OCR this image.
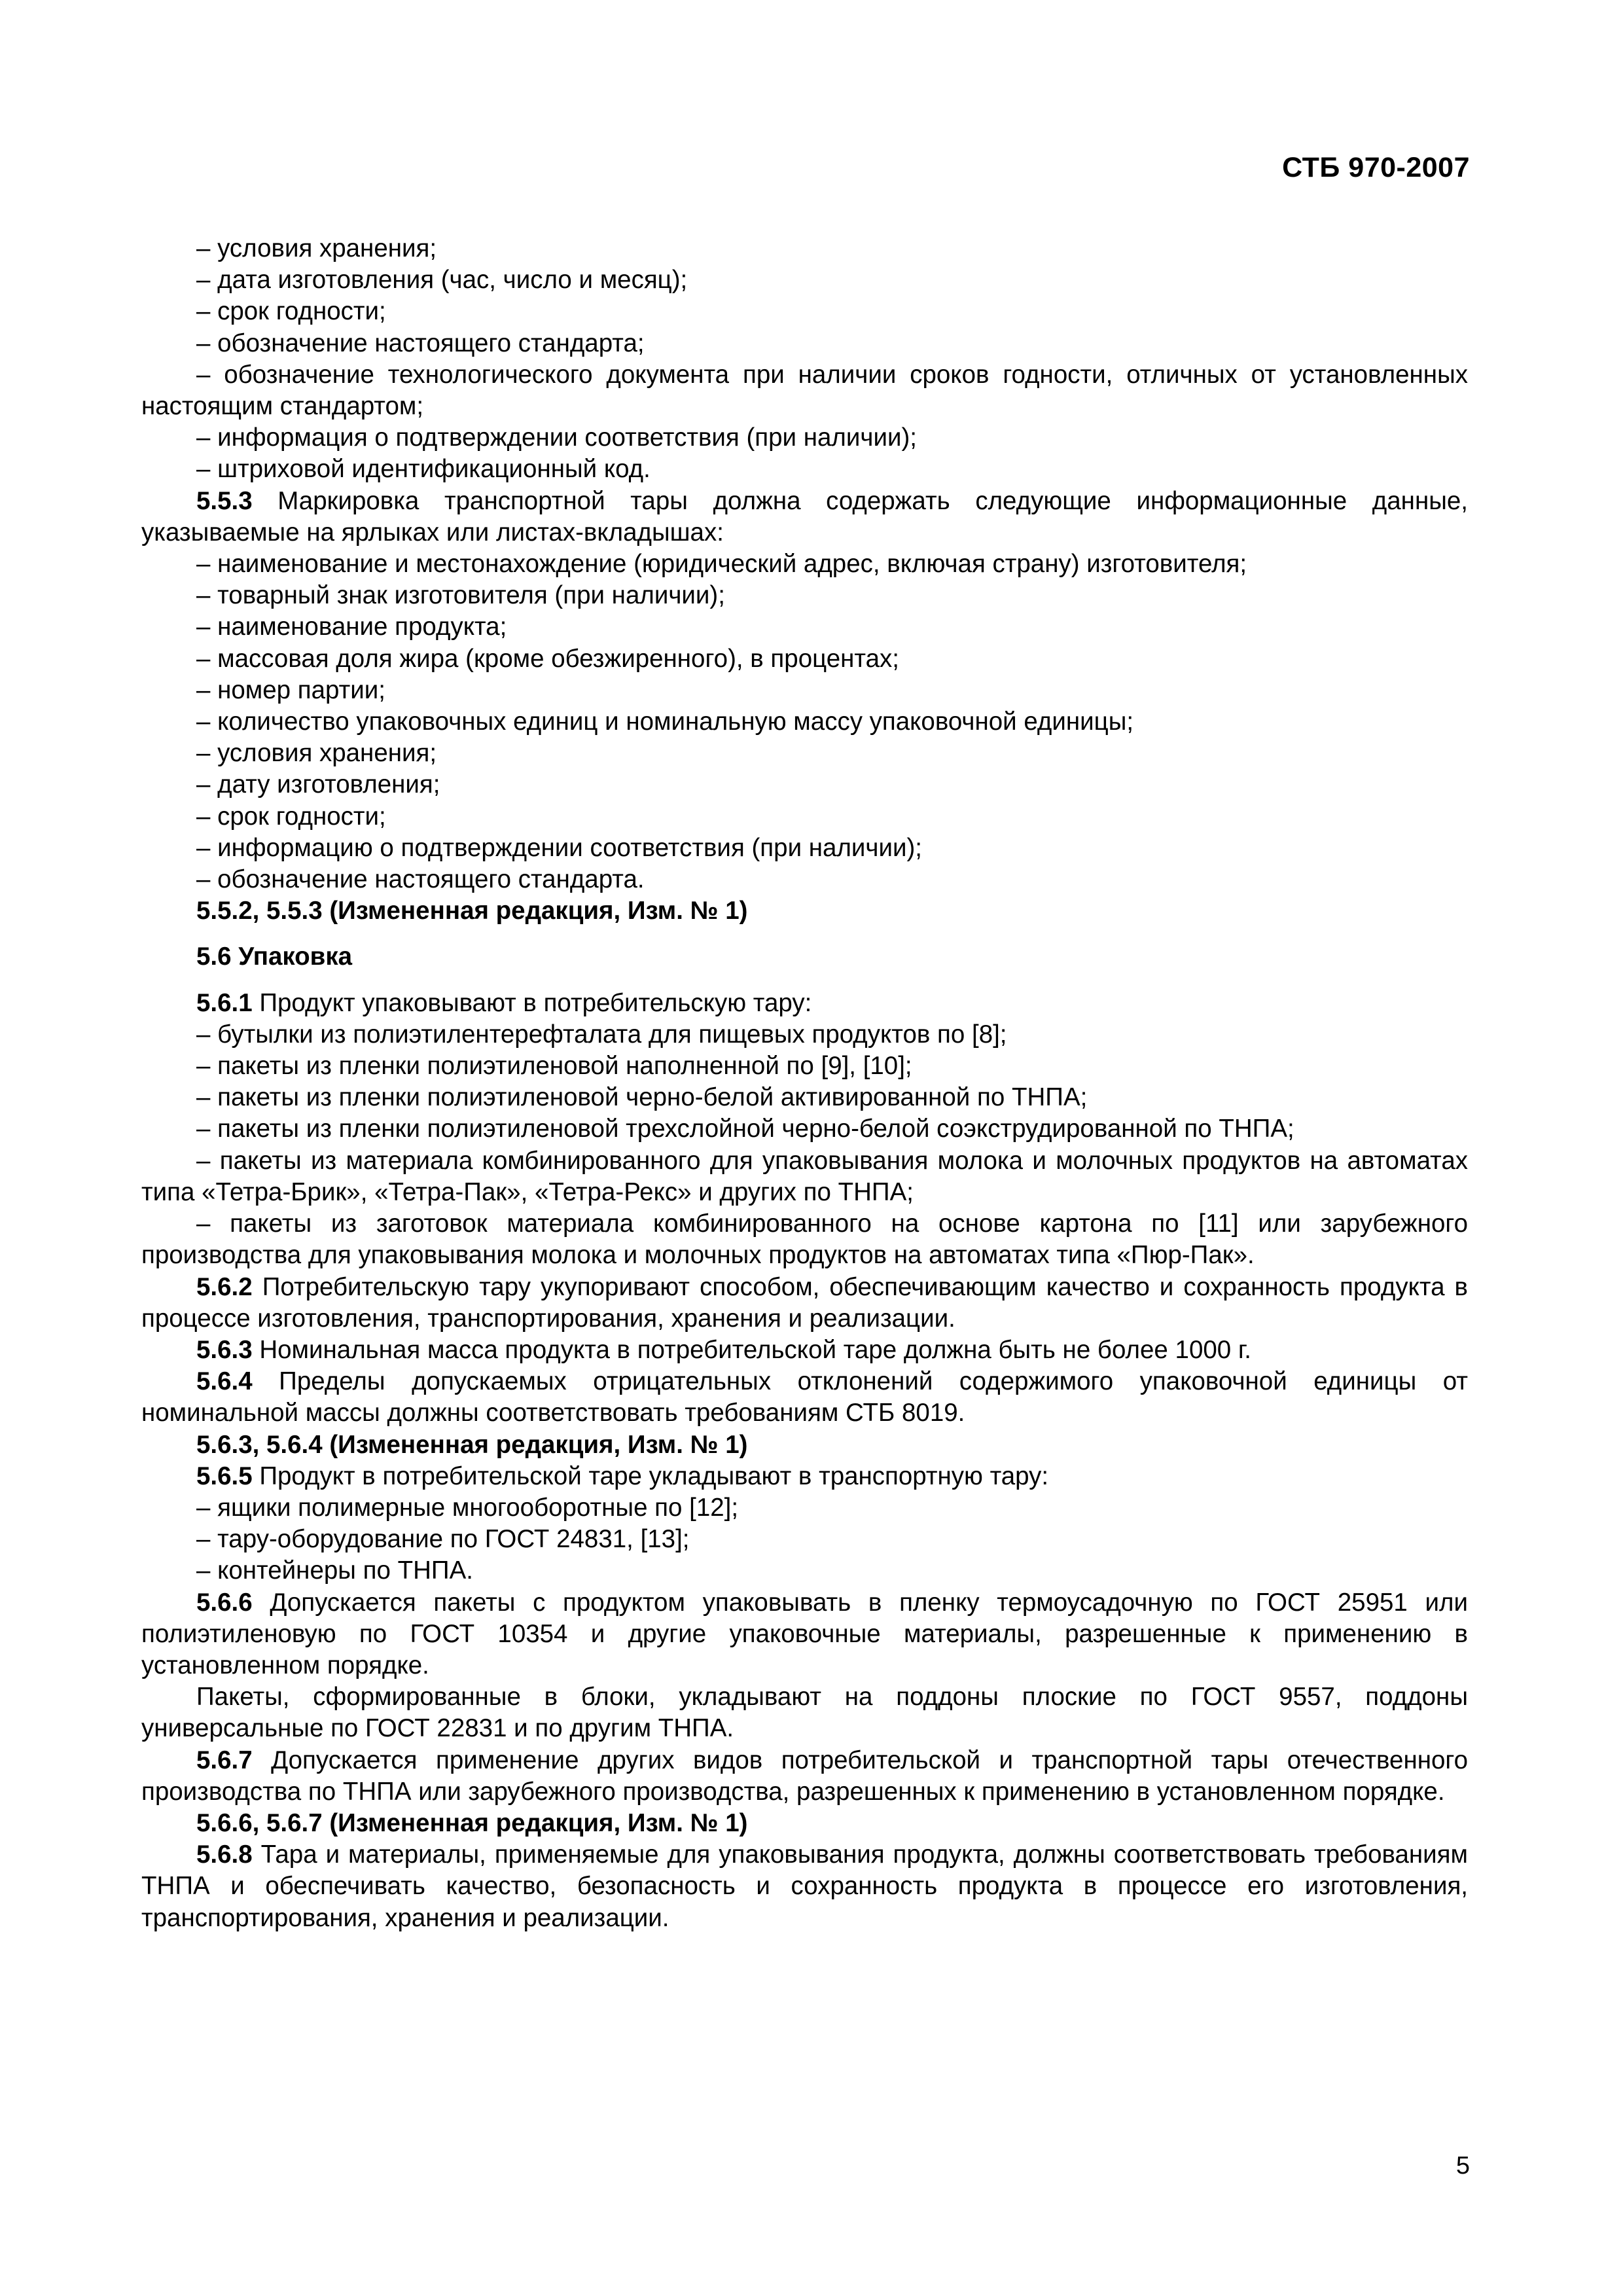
СТБ 970-2007

– условия хранения;

– дата изготовления (час, число и месяц);

– срок годности;

– обозначение настоящего стандарта;

– обозначение технологического документа при наличии сроков годности, отличных от установленных настоящим стандартом;

– информация о подтверждении соответствия (при наличии);

– штриховой идентификационный код.

5.5.3 Маркировка транспортной тары должна содержать следующие информационные данные, указываемые на ярлыках или листах-вкладышах:

– наименование и местонахождение (юридический адрес, включая страну) изготовителя;

– товарный знак изготовителя (при наличии);

– наименование продукта;

– массовая доля жира (кроме обезжиренного), в процентах;

– номер партии;

– количество упаковочных единиц и номинальную массу упаковочной единицы;

– условия хранения;

– дату изготовления;

– срок годности;

– информацию о подтверждении соответствия (при наличии);

– обозначение настоящего стандарта.

5.5.2, 5.5.3 (Измененная редакция, Изм. № 1)

5.6 Упаковка

5.6.1 Продукт упаковывают в потребительскую тару:

– бутылки из полиэтилентерефталата для пищевых продуктов по [8];

– пакеты из пленки полиэтиленовой наполненной по [9], [10];

– пакеты из пленки полиэтиленовой черно-белой активированной по ТНПА;

– пакеты из пленки полиэтиленовой трехслойной черно-белой соэкструдированной по ТНПА;

– пакеты из материала комбинированного для упаковывания молока и молочных продуктов на автоматах типа «Тетра-Брик», «Тетра-Пак», «Тетра-Рекс» и других по ТНПА;

– пакеты из заготовок материала комбинированного на основе картона по [11] или зарубежного производства для упаковывания молока и молочных продуктов на автоматах типа «Пюр-Пак».

5.6.2 Потребительскую тару укупоривают способом, обеспечивающим качество и сохранность продукта в процессе изготовления, транспортирования, хранения и реализации.

5.6.3 Номинальная масса продукта в потребительской таре должна быть не более 1000 г.

5.6.4 Пределы допускаемых отрицательных отклонений содержимого упаковочной единицы от номинальной массы должны соответствовать требованиям СТБ 8019.

5.6.3, 5.6.4 (Измененная редакция, Изм. № 1)

5.6.5 Продукт в потребительской таре укладывают в транспортную тару:

– ящики полимерные многооборотные по [12];

– тару-оборудование по ГОСТ 24831, [13];

– контейнеры по ТНПА.

5.6.6 Допускается пакеты с продуктом упаковывать в пленку термоусадочную по ГОСТ 25951 или полиэтиленовую по ГОСТ 10354 и другие упаковочные материалы, разрешенные к применению в установленном порядке.

Пакеты, сформированные в блоки, укладывают на поддоны плоские по ГОСТ 9557, поддоны универсальные по ГОСТ 22831 и по другим ТНПА.

5.6.7 Допускается применение других видов потребительской и транспортной тары отечественного производства по ТНПА или зарубежного производства, разрешенных к применению в установленном порядке.

5.6.6, 5.6.7 (Измененная редакция, Изм. № 1)

5.6.8 Тара и материалы, применяемые для упаковывания продукта, должны соответствовать требованиям ТНПА и обеспечивать качество, безопасность и сохранность продукта в процессе его изготовления, транспортирования, хранения и реализации.

5
